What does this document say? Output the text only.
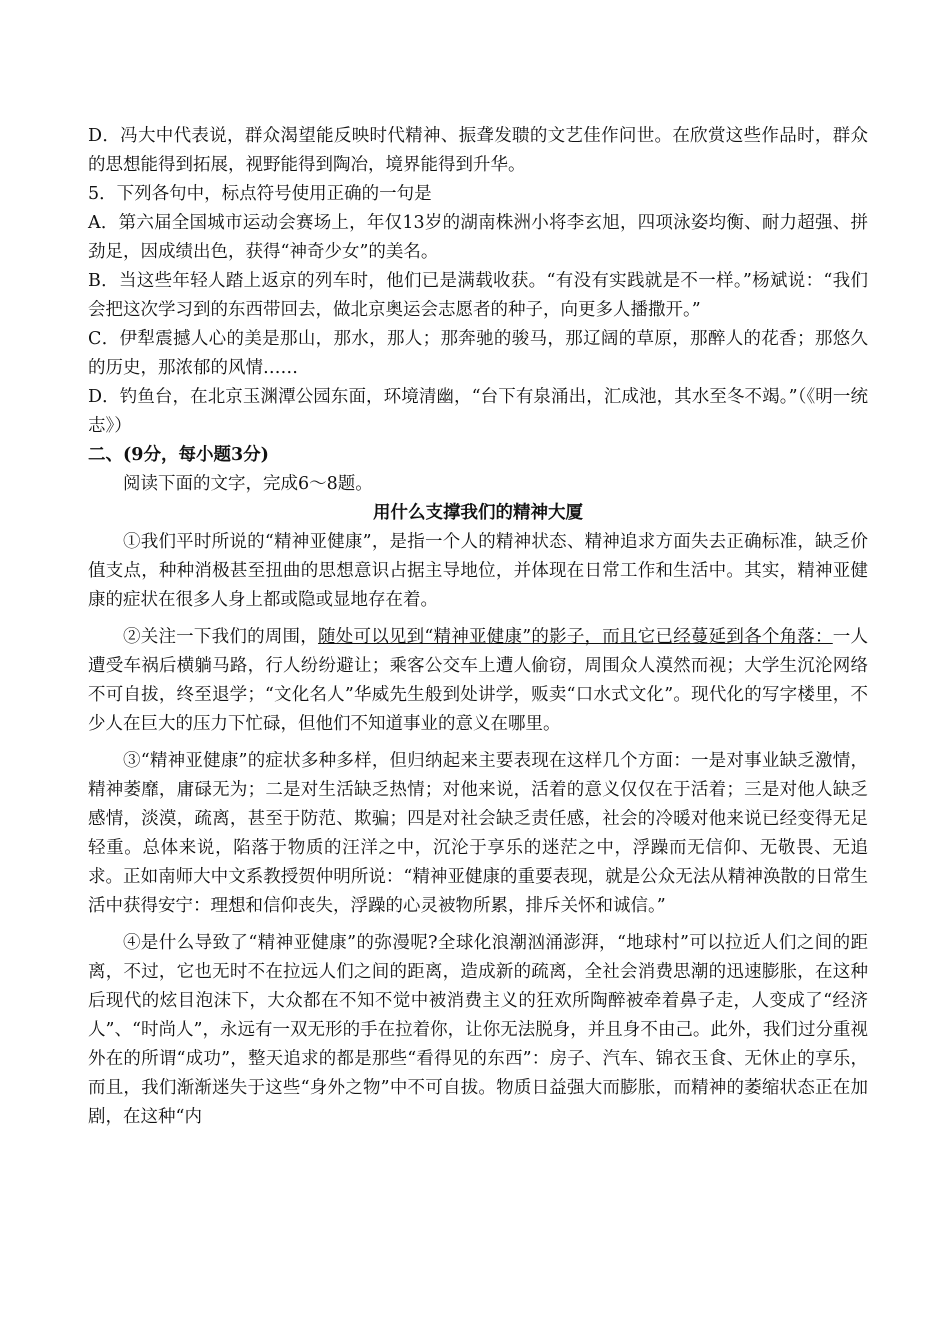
D．冯大中代表说，群众渴望能反映时代精神、振聋发聩的文艺佳作问世。在欣赏这些作品时，群众的思想能得到拓展，视野能得到陶冶，境界能得到升华。

5．下列各句中，标点符号使用正确的一句是

A．第六届全国城市运动会赛场上，年仅13岁的湖南株洲小将李玄旭，四项泳姿均衡、耐力超强、拼劲足，因成绩出色，获得“神奇少女”的美名。

B．当这些年轻人踏上返京的列车时，他们已是满载收获。“有没有实践就是不一样。”杨斌说：“我们会把这次学习到的东西带回去，做北京奥运会志愿者的种子，向更多人播撒开。”

C．伊犁震撼人心的美是那山，那水，那人；那奔驰的骏马，那辽阔的草原，那醉人的花香；那悠久的历史，那浓郁的风情……

D．钓鱼台，在北京玉渊潭公园东面，环境清幽，“台下有泉涌出，汇成池，其水至冬不竭。”（《明一统志》）

二、(9分，每小题3分)

阅读下面的文字，完成6～8题。

用什么支撑我们的精神大厦

①我们平时所说的“精神亚健康”，是指一个人的精神状态、精神追求方面失去正确标准，缺乏价值支点，种种消极甚至扭曲的思想意识占据主导地位，并体现在日常工作和生活中。其实，精神亚健康的症状在很多人身上都或隐或显地存在着。

②关注一下我们的周围，随处可以见到“精神亚健康”的影子，而且它已经蔓延到各个角落：一人遭受车祸后横躺马路，行人纷纷避让；乘客公交车上遭人偷窃，周围众人漠然而视；大学生沉沦网络不可自拔，终至退学；“文化名人”华威先生般到处讲学，贩卖“口水式文化”。现代化的写字楼里，不少人在巨大的压力下忙碌，但他们不知道事业的意义在哪里。

③“精神亚健康”的症状多种多样，但归纳起来主要表现在这样几个方面：一是对事业缺乏激情，精神萎靡，庸碌无为；二是对生活缺乏热情；对他来说，活着的意义仅仅在于活着；三是对他人缺乏感情，淡漠，疏离，甚至于防范、欺骗；四是对社会缺乏责任感，社会的冷暖对他来说已经变得无足轻重。总体来说，陷落于物质的汪洋之中，沉沦于享乐的迷茫之中，浮躁而无信仰、无敬畏、无追求。正如南师大中文系教授贺仲明所说：“精神亚健康的重要表现，就是公众无法从精神涣散的日常生活中获得安宁：理想和信仰丧失，浮躁的心灵被物所累，排斥关怀和诚信。”

④是什么导致了“精神亚健康”的弥漫呢?全球化浪潮汹涌澎湃，“地球村”可以拉近人们之间的距离，不过，它也无时不在拉远人们之间的距离，造成新的疏离，全社会消费思潮的迅速膨胀，在这种后现代的炫目泡沫下，大众都在不知不觉中被消费主义的狂欢所陶醉被牵着鼻子走，人变成了“经济人”、“时尚人”，永远有一双无形的手在拉着你，让你无法脱身，并且身不由己。此外，我们过分重视外在的所谓“成功”，整天追求的都是那些“看得见的东西”：房子、汽车、锦衣玉食、无休止的享乐，而且，我们渐渐迷失于这些“身外之物”中不可自拔。物质日益强大而膨胀，而精神的萎缩状态正在加剧，在这种“内
